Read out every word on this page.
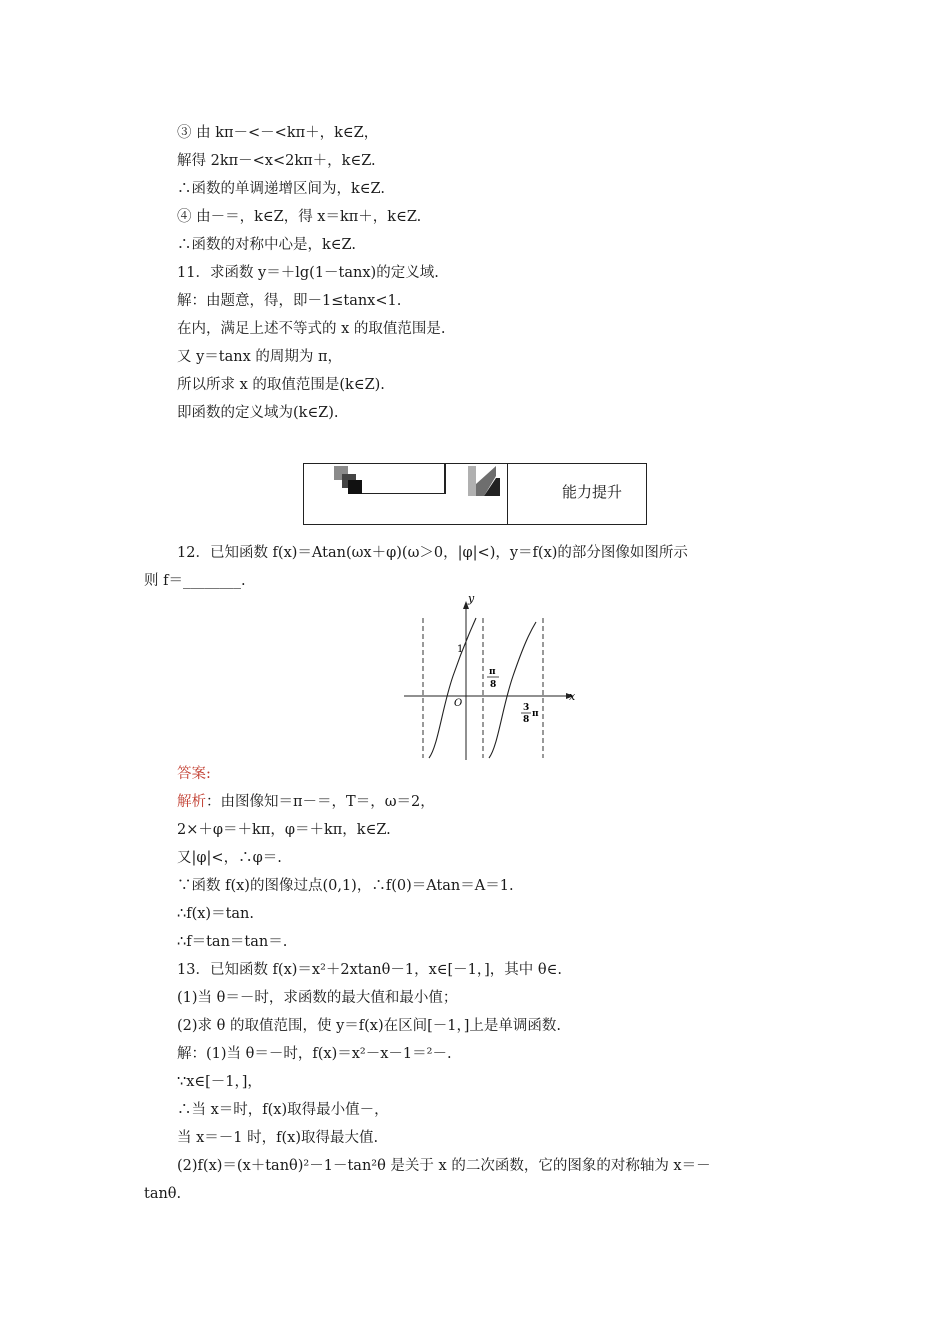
③ 由 kπ－<－<kπ＋，k∈Z，
解得 2kπ－<x<2kπ＋，k∈Z.
∴函数的单调递增区间为，k∈Z.
④ 由－＝，k∈Z，得 x＝kπ＋，k∈Z.
∴函数的对称中心是，k∈Z.
11．求函数 y＝＋lg(1－tanx)的定义域.
解：由题意，得，即－1≤tanx<1.
在内，满足上述不等式的 x 的取值范围是.
又 y＝tanx 的周期为 π，
所以所求 x 的取值范围是(k∈Z).
即函数的定义域为(k∈Z).
能力提升
12．已知函数 f(x)＝Atan(ωx＋φ)(ω＞0，|φ|<)，y＝f(x)的部分图像如图所示
则 f＝________.
y
x
O
1
π
8
3
8
π
答案:
解析：由图像知＝π－＝，T＝，ω＝2，
2×＋φ＝＋kπ，φ＝＋kπ，k∈Z.
又|φ|<，∴φ＝.
∵函数 f(x)的图像过点(0,1)，∴f(0)＝Atan＝A＝1.
∴f(x)＝tan.
∴f＝tan＝tan＝.
13．已知函数 f(x)＝x²＋2xtanθ－1，x∈[－1，]，其中 θ∈.
(1)当 θ＝－时，求函数的最大值和最小值；
(2)求 θ 的取值范围，使 y＝f(x)在区间[－1，]上是单调函数.
解：(1)当 θ＝－时，f(x)＝x²－x－1＝²－.
∵x∈[－1，]，
∴当 x＝时，f(x)取得最小值－，
当 x＝－1 时，f(x)取得最大值.
(2)f(x)＝(x＋tanθ)²－1－tan²θ 是关于 x 的二次函数，它的图象的对称轴为 x＝－
tanθ.
